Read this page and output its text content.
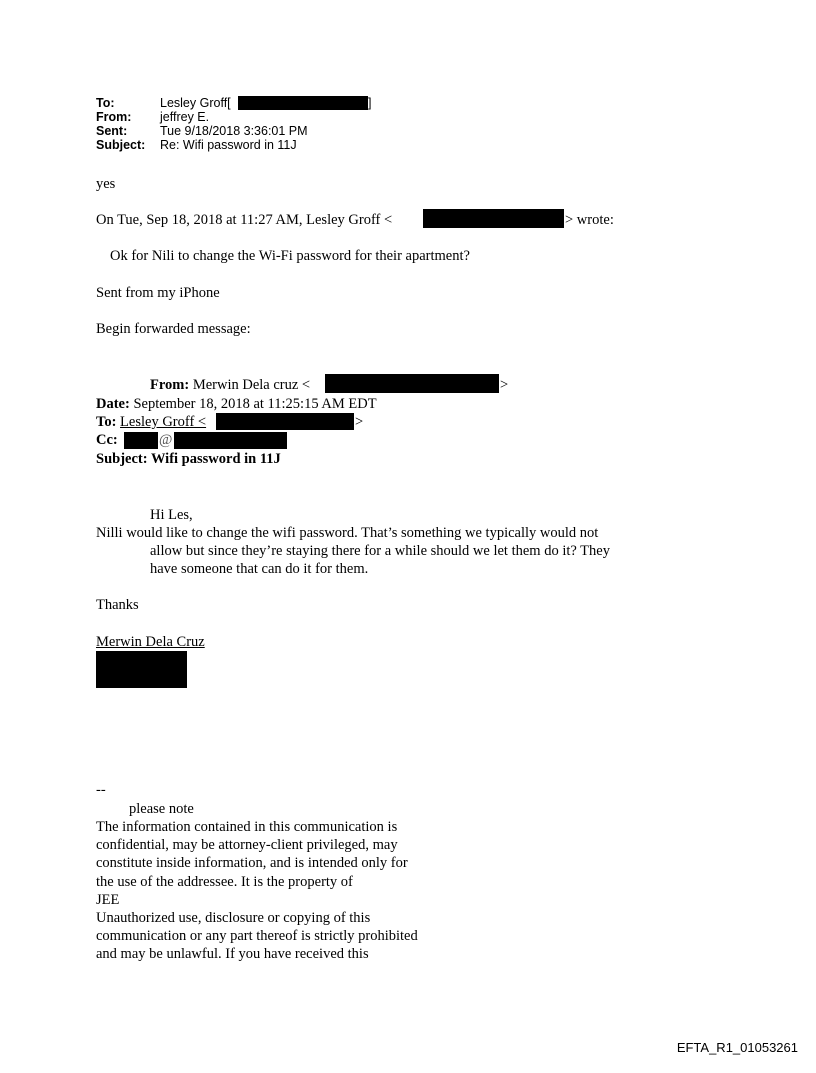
To:	Lesley Groff[	]
From: jeffrey E.
Sent:	Tue 9/18/2018 3:36:01 PM
Subject: Re: Wifi password in 11J
yes
On Tue, Sep 18, 2018 at 11:27 AM, Lesley Groff <	> wrote:
Ok for Nili to change the Wi-Fi password for their apartment?
Sent from my iPhone
Begin forwarded message:
From: Merwin Dela cruz <	>
Date: September 18, 2018 at 11:25:15 AM EDT
To: Lesley Groff <	>
Cc:	@
Subject: Wifi password in 11J
Hi Les,
Nilli would like to change the wifi password. That’s something we typically would not
allow but since they’re staying there for a while should we let them do it? They
have someone that can do it for them.
Thanks
Merwin Dela Cruz
--
please note
The information contained in this communication is
confidential, may be attorney-client privileged, may
constitute inside information, and is intended only for
the use of the addressee. It is the property of
JEE
Unauthorized use, disclosure or copying of this
communication or any part thereof is strictly prohibited
and may be unlawful. If you have received this
EFTA_R1_01053261
